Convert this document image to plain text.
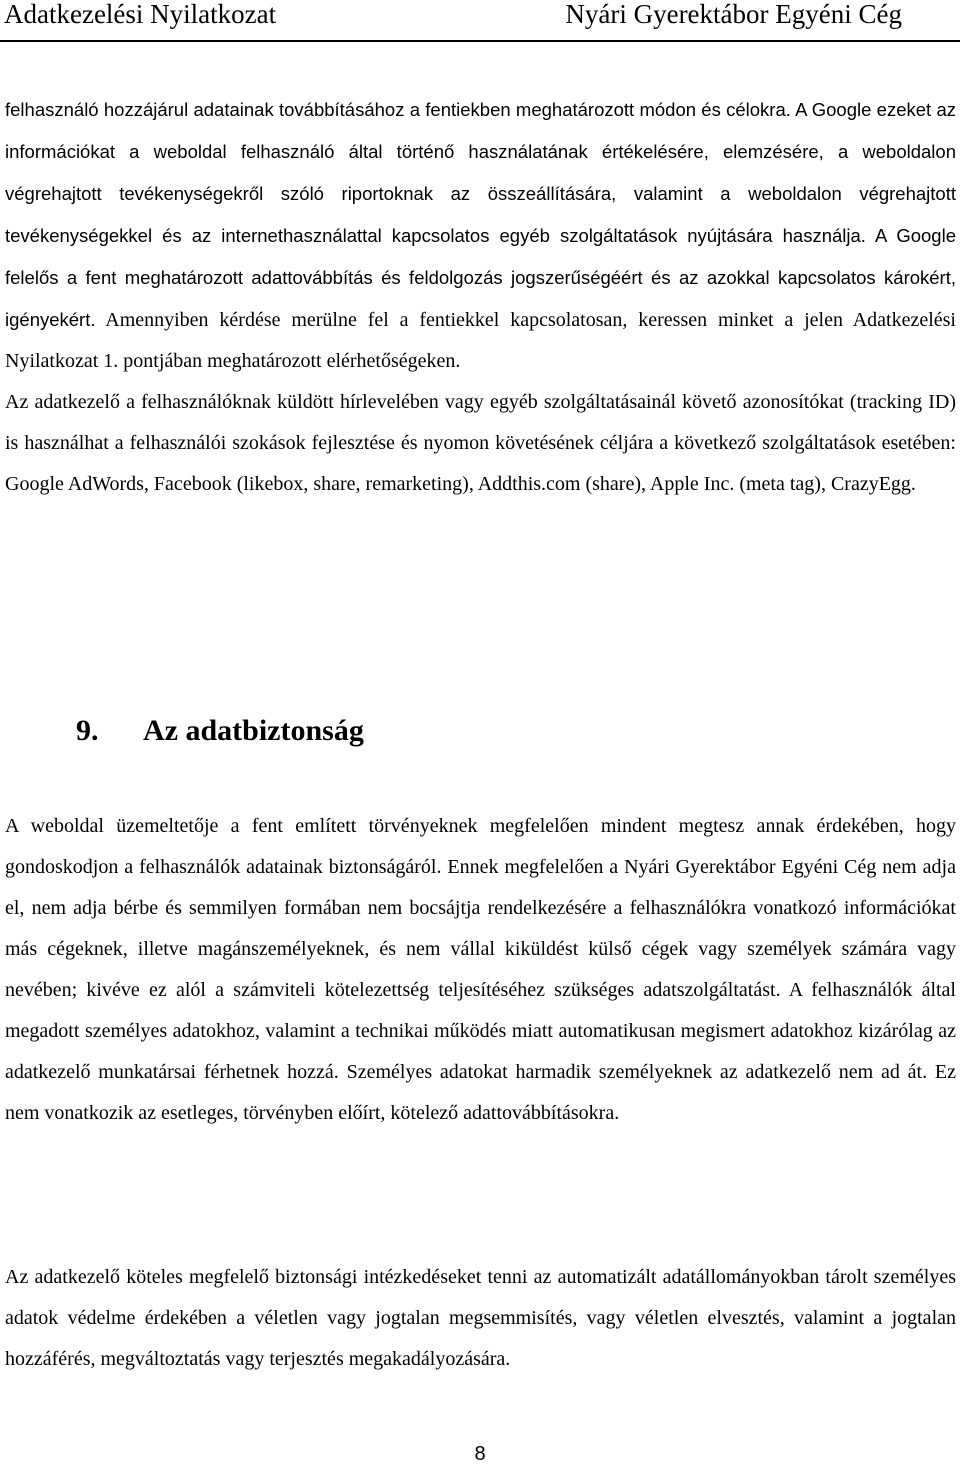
Adatkezelési Nyilatkozat	Nyári Gyerektábor Egyéni Cég

felhasználó hozzájárul adatainak továbbításához a fentiekben meghatározott módon és célokra. A Google ezeket az információkat a weboldal felhasználó által történő használatának értékelésére, elemzésére, a weboldalon végrehajtott tevékenységekről szóló riportoknak az összeállítására, valamint a weboldalon végrehajtott tevékenységekkel és az internethasználattal kapcsolatos egyéb szolgáltatások nyújtására használja. A Google felelős a fent meghatározott adattovábbítás és feldolgozás jogszerűségéért és az azokkal kapcsolatos károkért, igényekért. Amennyiben kérdése merülne fel a fentiekkel kapcsolatosan, keressen minket a jelen Adatkezelési Nyilatkozat 1. pontjában meghatározott elérhetőségeken.

Az adatkezelő a felhasználóknak küldött hírlevelében vagy egyéb szolgáltatásainál követő azonosítókat (tracking ID) is használhat a felhasználói szokások fejlesztése és nyomon követésének céljára a következő szolgáltatások esetében: Google AdWords, Facebook (likebox, share, remarketing), Addthis.com (share), Apple Inc. (meta tag), CrazyEgg.

9. Az adatbiztonság

A weboldal üzemeltetője a fent említett törvényeknek megfelelően mindent megtesz annak érdekében, hogy gondoskodjon a felhasználók adatainak biztonságáról. Ennek megfelelően a Nyári Gyerektábor Egyéni Cég nem adja el, nem adja bérbe és semmilyen formában nem bocsájtja rendelkezésére a felhasználókra vonatkozó információkat más cégeknek, illetve magánszemélyeknek, és nem vállal kiküldést külső cégek vagy személyek számára vagy nevében; kivéve ez alól a számviteli kötelezettség teljesítéséhez szükséges adatszolgáltatást. A felhasználók által megadott személyes adatokhoz, valamint a technikai működés miatt automatikusan megismert adatokhoz kizárólag az adatkezelő munkatársai férhetnek hozzá. Személyes adatokat harmadik személyeknek az adatkezelő nem ad át. Ez nem vonatkozik az esetleges, törvényben előírt, kötelező adattovábbításokra.

Az adatkezelő köteles megfelelő biztonsági intézkedéseket tenni az automatizált adatállományokban tárolt személyes adatok védelme érdekében a véletlen vagy jogtalan megsemmisítés, vagy véletlen elvesztés, valamint a jogtalan hozzáférés, megváltoztatás vagy terjesztés megakadályozására.

8
